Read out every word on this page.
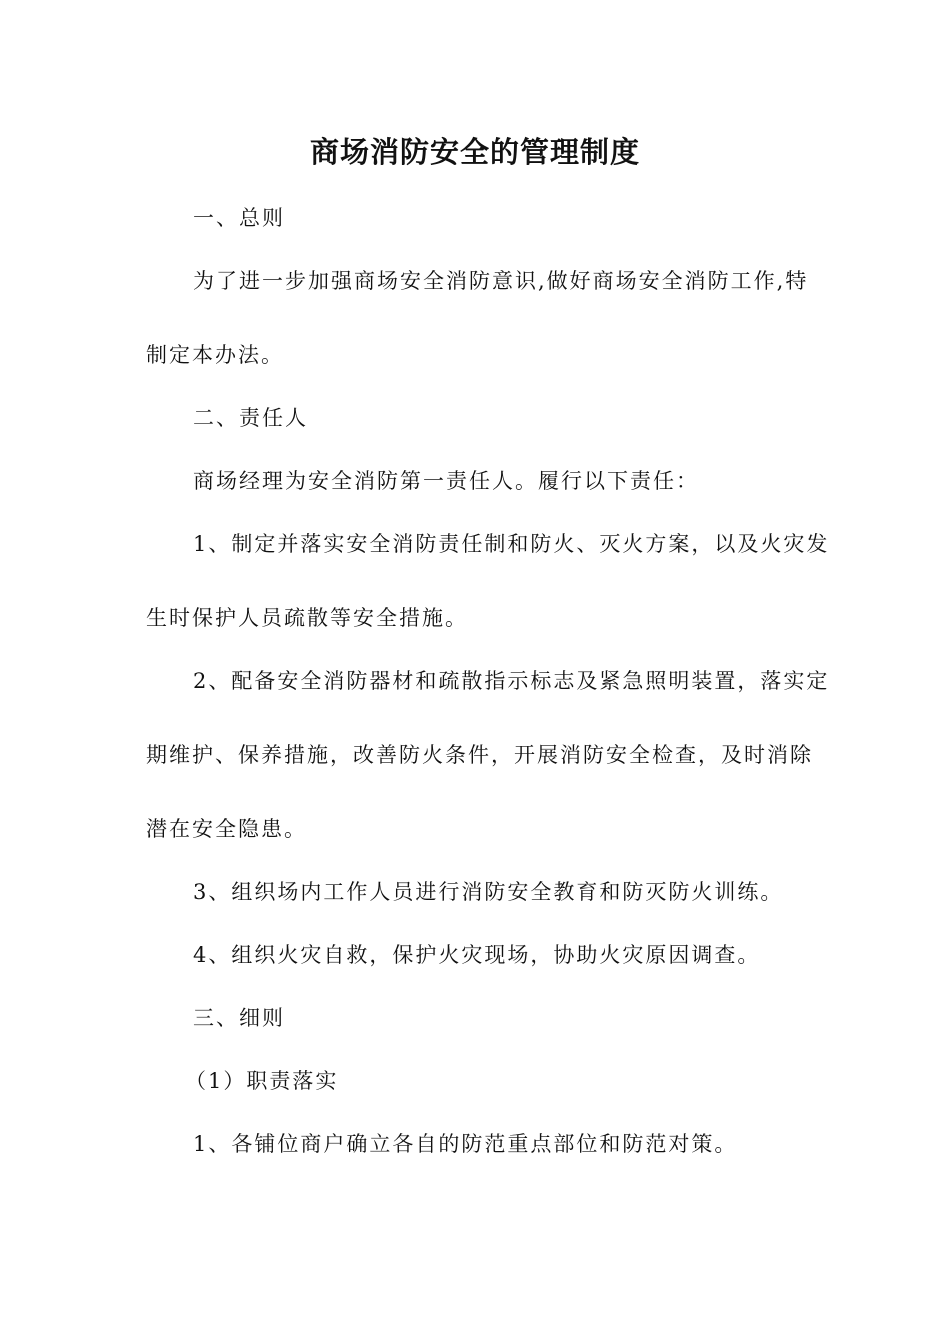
商场消防安全的管理制度
一、总则
为了进一步加强商场安全消防意识,做好商场安全消防工作,特
制定本办法。
二、责任人
商场经理为安全消防第一责任人。履行以下责任：
1、制定并落实安全消防责任制和防火、灭火方案，以及火灾发
生时保护人员疏散等安全措施。
2、配备安全消防器材和疏散指示标志及紧急照明装置，落实定
期维护、保养措施，改善防火条件，开展消防安全检查，及时消除
潜在安全隐患。
3、组织场内工作人员进行消防安全教育和防灭防火训练。
4、组织火灾自救，保护火灾现场，协助火灾原因调查。
三、细则
（1）职责落实
1、各铺位商户确立各自的防范重点部位和防范对策。
